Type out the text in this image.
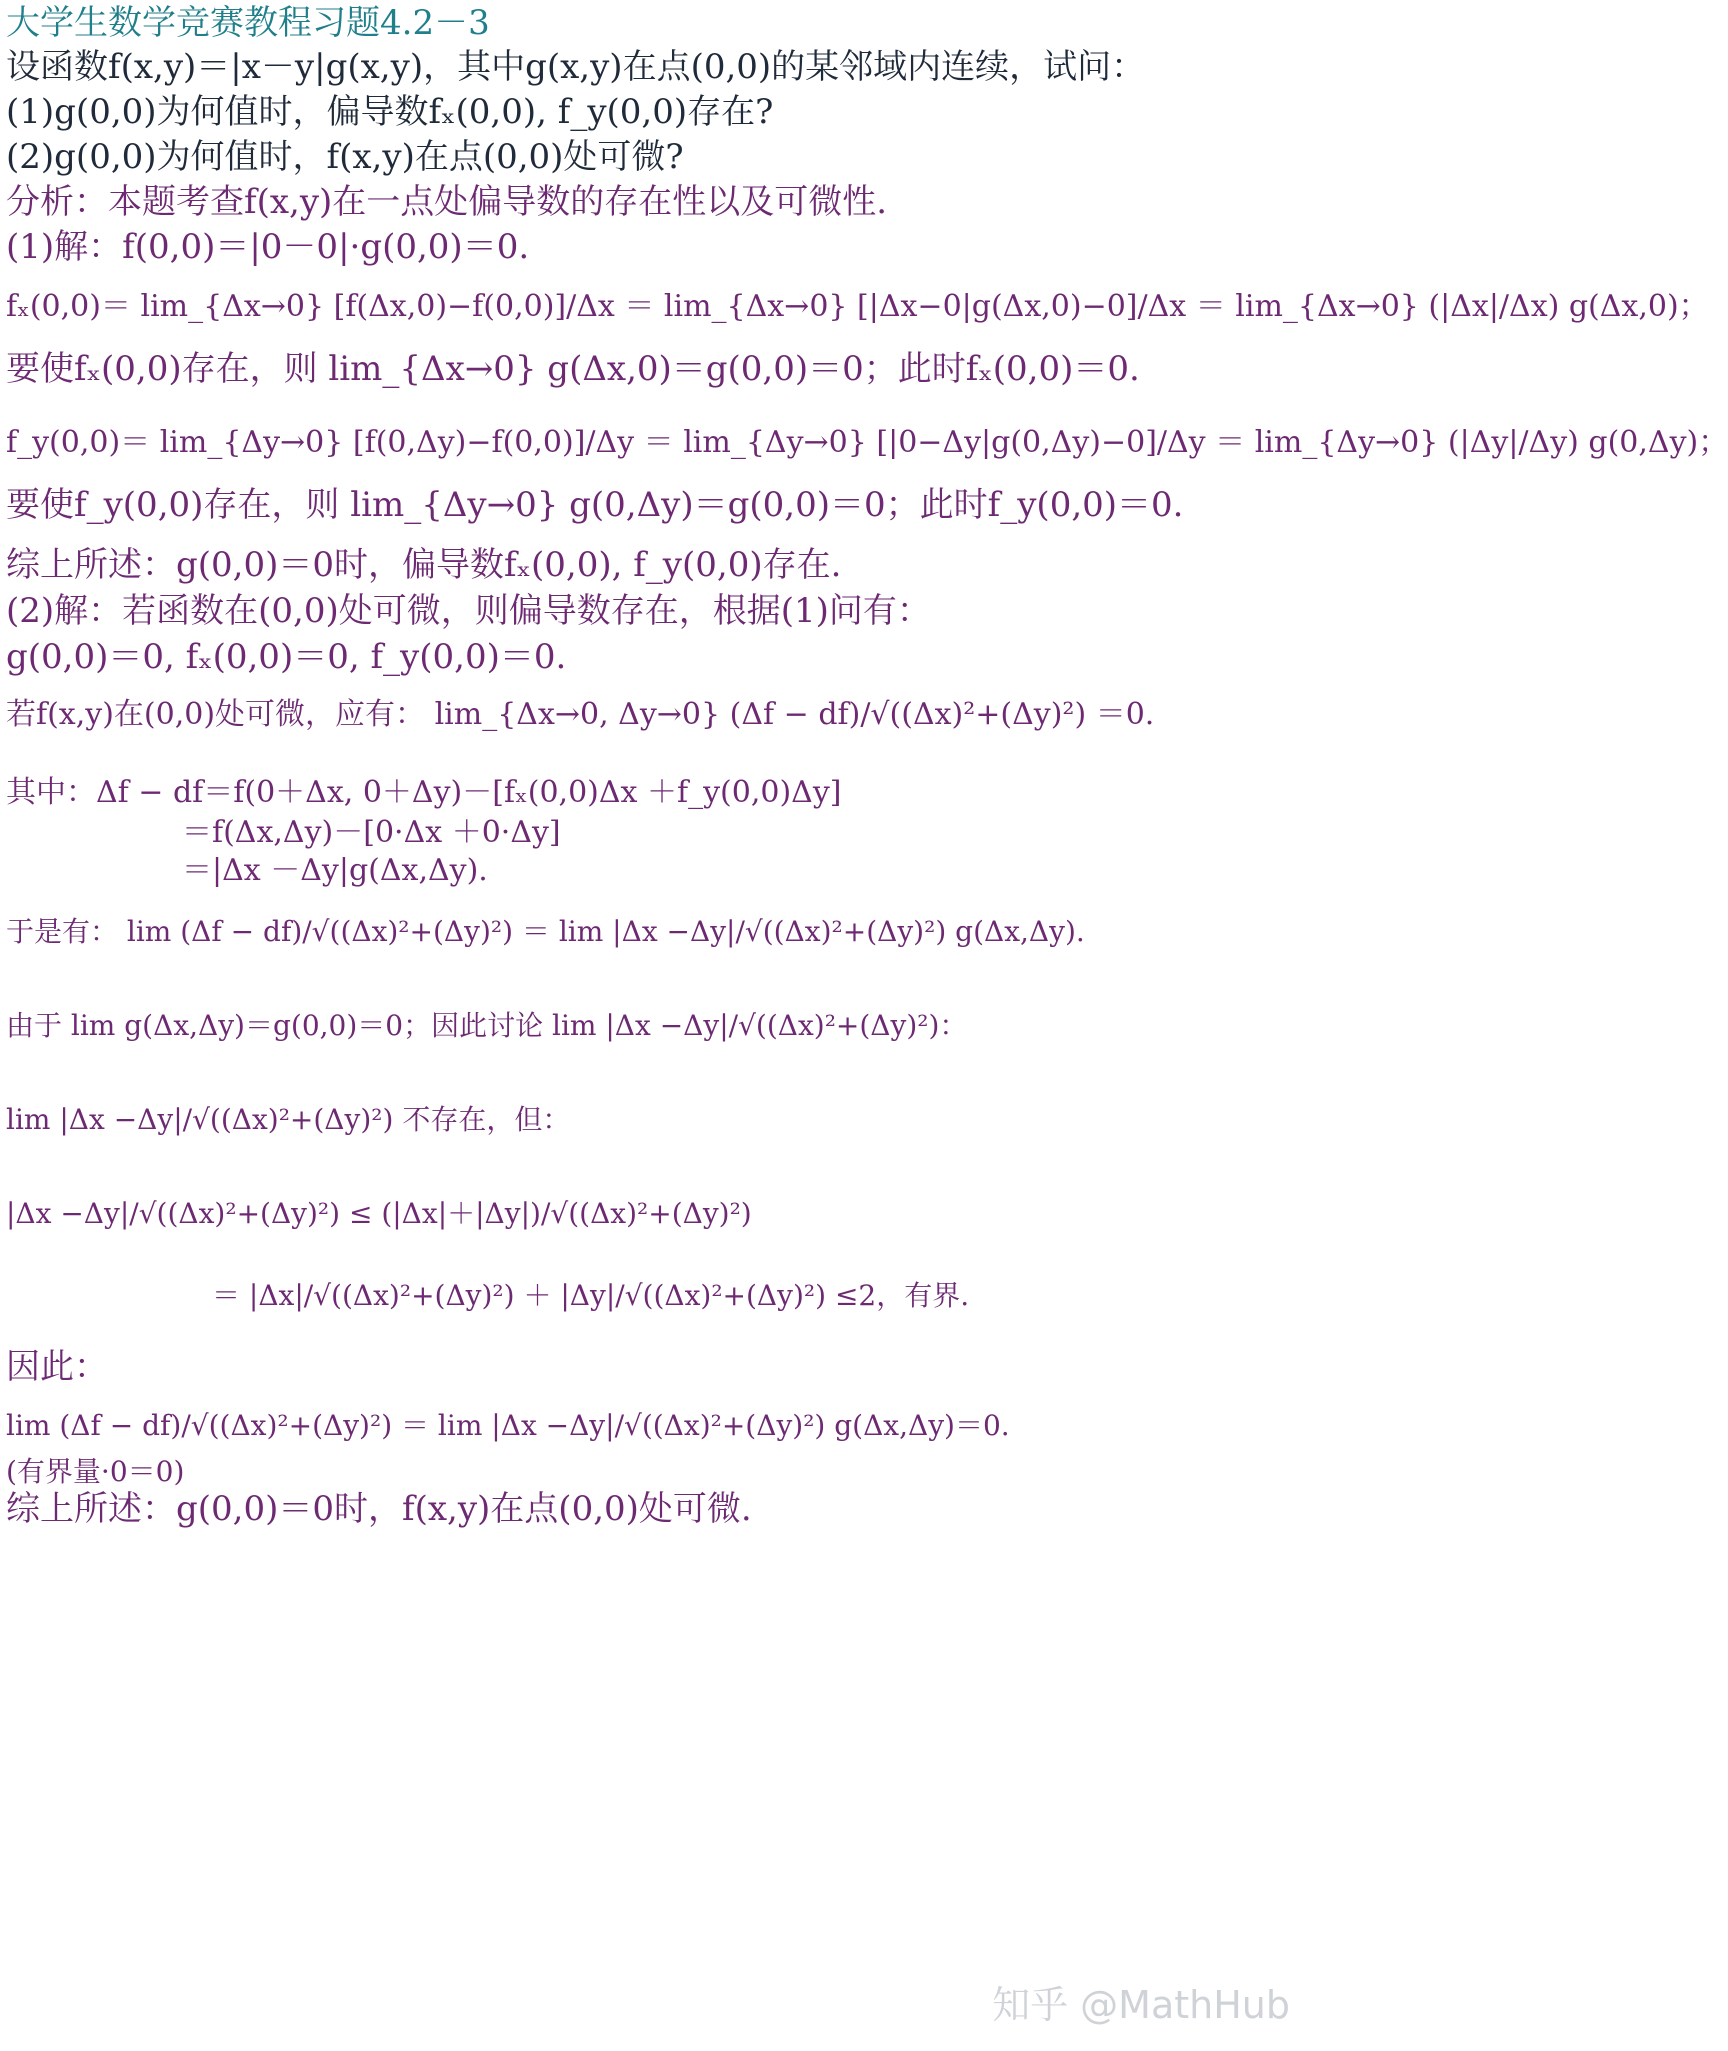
大学生数学竞赛教程习题4.2－3
设函数f(x,y)＝|x－y|g(x,y)，其中g(x,y)在点(0,0)的某邻域内连续，试问：
(1)g(0,0)为何值时，偏导数fₓ(0,0), f_y(0,0)存在?
(2)g(0,0)为何值时，f(x,y)在点(0,0)处可微?
分析：本题考查f(x,y)在一点处偏导数的存在性以及可微性.
(1)解：f(0,0)＝|0－0|·g(0,0)＝0.
fₓ(0,0)＝ lim_{Δx→0} [f(Δx,0)−f(0,0)]/Δx ＝ lim_{Δx→0} [|Δx−0|g(Δx,0)−0]/Δx ＝ lim_{Δx→0} (|Δx|/Δx) g(Δx,0)；
要使fₓ(0,0)存在，则 lim_{Δx→0} g(Δx,0)＝g(0,0)＝0；此时fₓ(0,0)＝0.
f_y(0,0)＝ lim_{Δy→0} [f(0,Δy)−f(0,0)]/Δy ＝ lim_{Δy→0} [|0−Δy|g(0,Δy)−0]/Δy ＝ lim_{Δy→0} (|Δy|/Δy) g(0,Δy)；
要使f_y(0,0)存在，则 lim_{Δy→0} g(0,Δy)＝g(0,0)＝0；此时f_y(0,0)＝0.
综上所述：g(0,0)＝0时，偏导数fₓ(0,0), f_y(0,0)存在.
(2)解：若函数在(0,0)处可微，则偏导数存在，根据(1)问有：
g(0,0)＝0, fₓ(0,0)＝0, f_y(0,0)＝0.
若f(x,y)在(0,0)处可微，应有： lim_{Δx→0, Δy→0} (Δf − df)/√((Δx)²+(Δy)²) ＝0.
其中：Δf − df＝f(0＋Δx, 0＋Δy)－[fₓ(0,0)Δx ＋f_y(0,0)Δy]
＝f(Δx,Δy)－[0·Δx ＋0·Δy]
＝|Δx －Δy|g(Δx,Δy).
于是有： lim (Δf − df)/√((Δx)²+(Δy)²) ＝ lim |Δx −Δy|/√((Δx)²+(Δy)²) g(Δx,Δy).
由于 lim g(Δx,Δy)＝g(0,0)＝0；因此讨论 lim |Δx −Δy|/√((Δx)²+(Δy)²)：
lim |Δx −Δy|/√((Δx)²+(Δy)²) 不存在，但：
|Δx −Δy|/√((Δx)²+(Δy)²) ≤ (|Δx|＋|Δy|)/√((Δx)²+(Δy)²)
＝ |Δx|/√((Δx)²+(Δy)²) ＋ |Δy|/√((Δx)²+(Δy)²) ≤2，有界.
因此：
lim (Δf − df)/√((Δx)²+(Δy)²) ＝ lim |Δx −Δy|/√((Δx)²+(Δy)²) g(Δx,Δy)＝0.
(有界量·0＝0)
综上所述：g(0,0)＝0时，f(x,y)在点(0,0)处可微.
知乎 @MathHub
